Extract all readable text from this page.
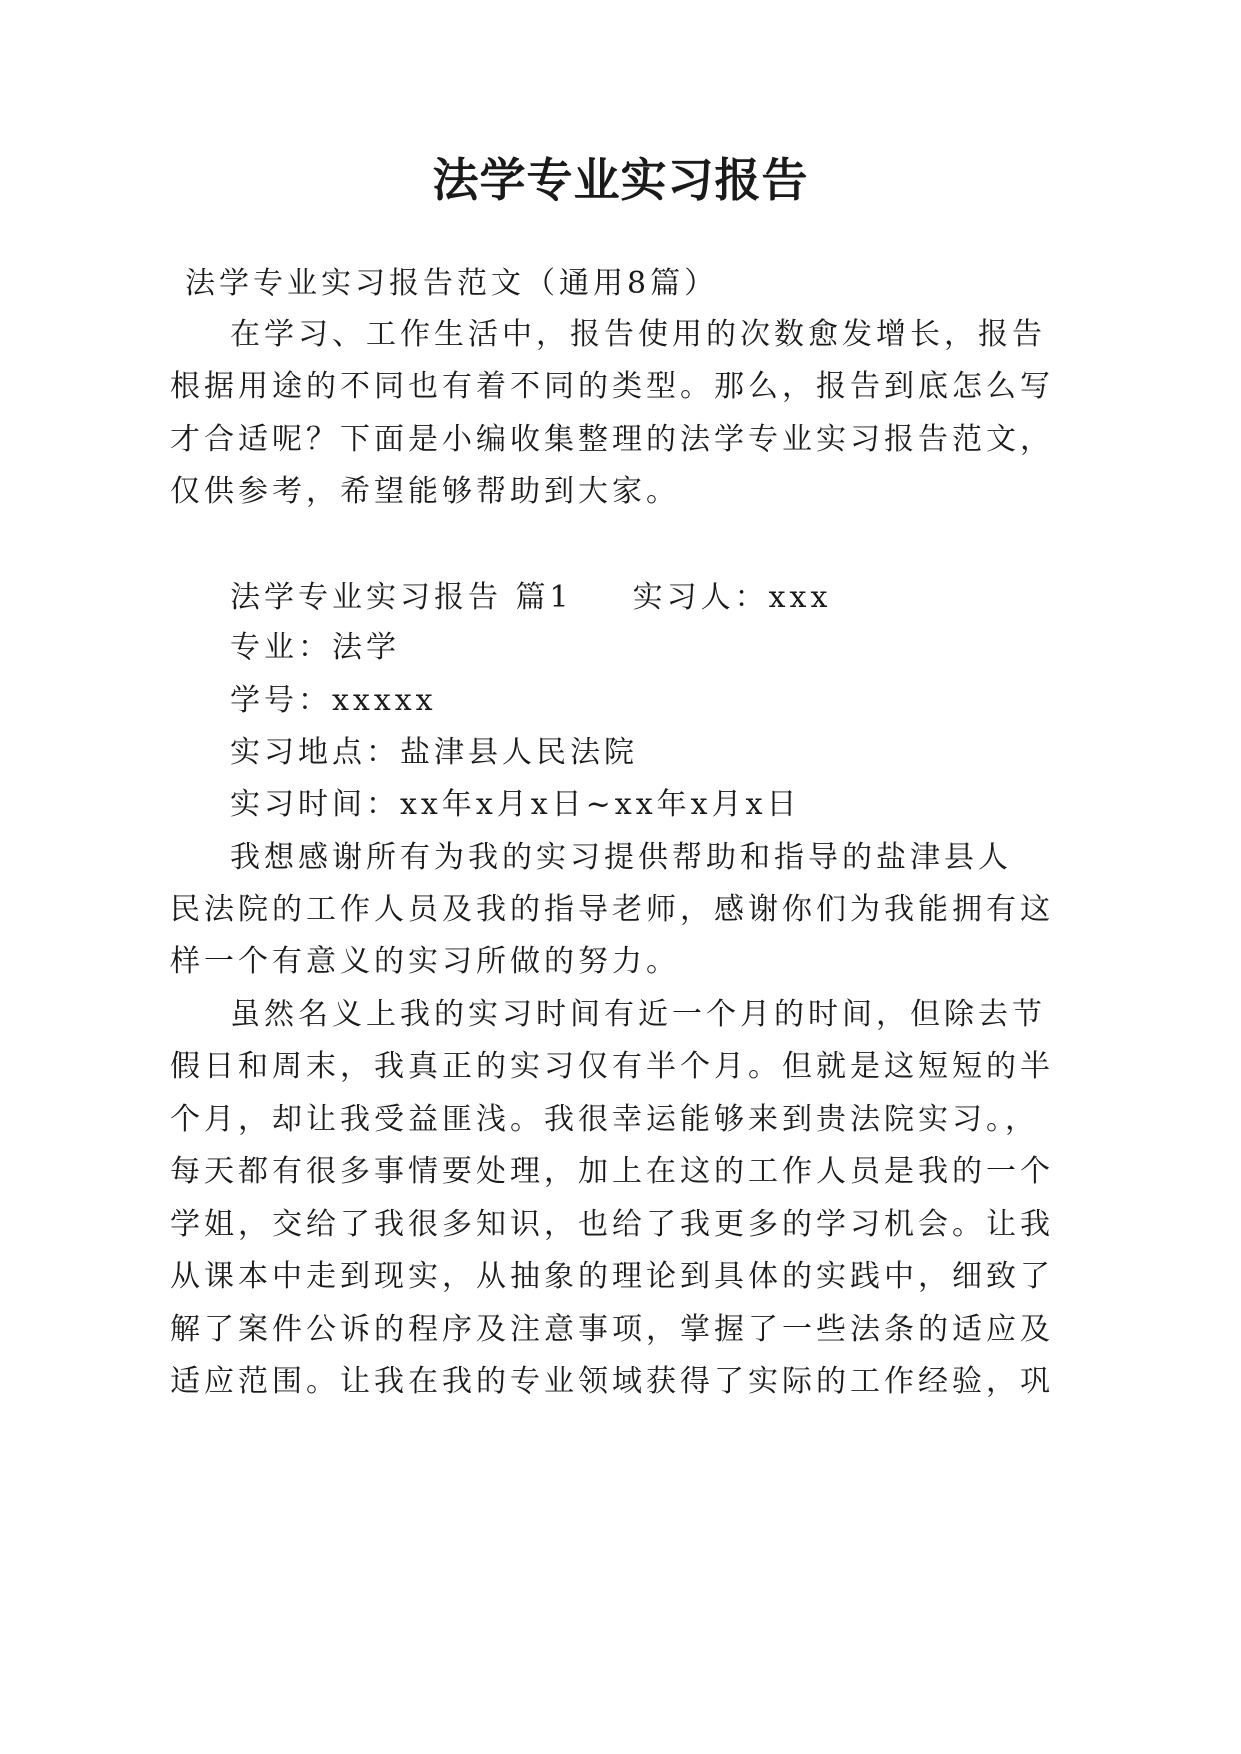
法学专业实习报告
法学专业实习报告范文（通用8篇）
在学习、工作生活中，报告使用的次数愈发增长，报告
根据用途的不同也有着不同的类型。那么，报告到底怎么写
才合适呢？下面是小编收集整理的法学专业实习报告范文，
仅供参考，希望能够帮助到大家。
法学专业实习报告 篇1 实习人：xxx
专业：法学
学号：xxxxx
实习地点：盐津县人民法院
实习时间：xx年x月x日~xx年x月x日
我想感谢所有为我的实习提供帮助和指导的盐津县人
民法院的工作人员及我的指导老师，感谢你们为我能拥有这
样一个有意义的实习所做的努力。
虽然名义上我的实习时间有近一个月的时间，但除去节
假日和周末，我真正的实习仅有半个月。但就是这短短的半
个月，却让我受益匪浅。我很幸运能够来到贵法院实习。，
每天都有很多事情要处理，加上在这的工作人员是我的一个
学姐，交给了我很多知识，也给了我更多的学习机会。让我
从课本中走到现实，从抽象的理论到具体的实践中，细致了
解了案件公诉的程序及注意事项，掌握了一些法条的适应及
适应范围。让我在我的专业领域获得了实际的工作经验，巩
